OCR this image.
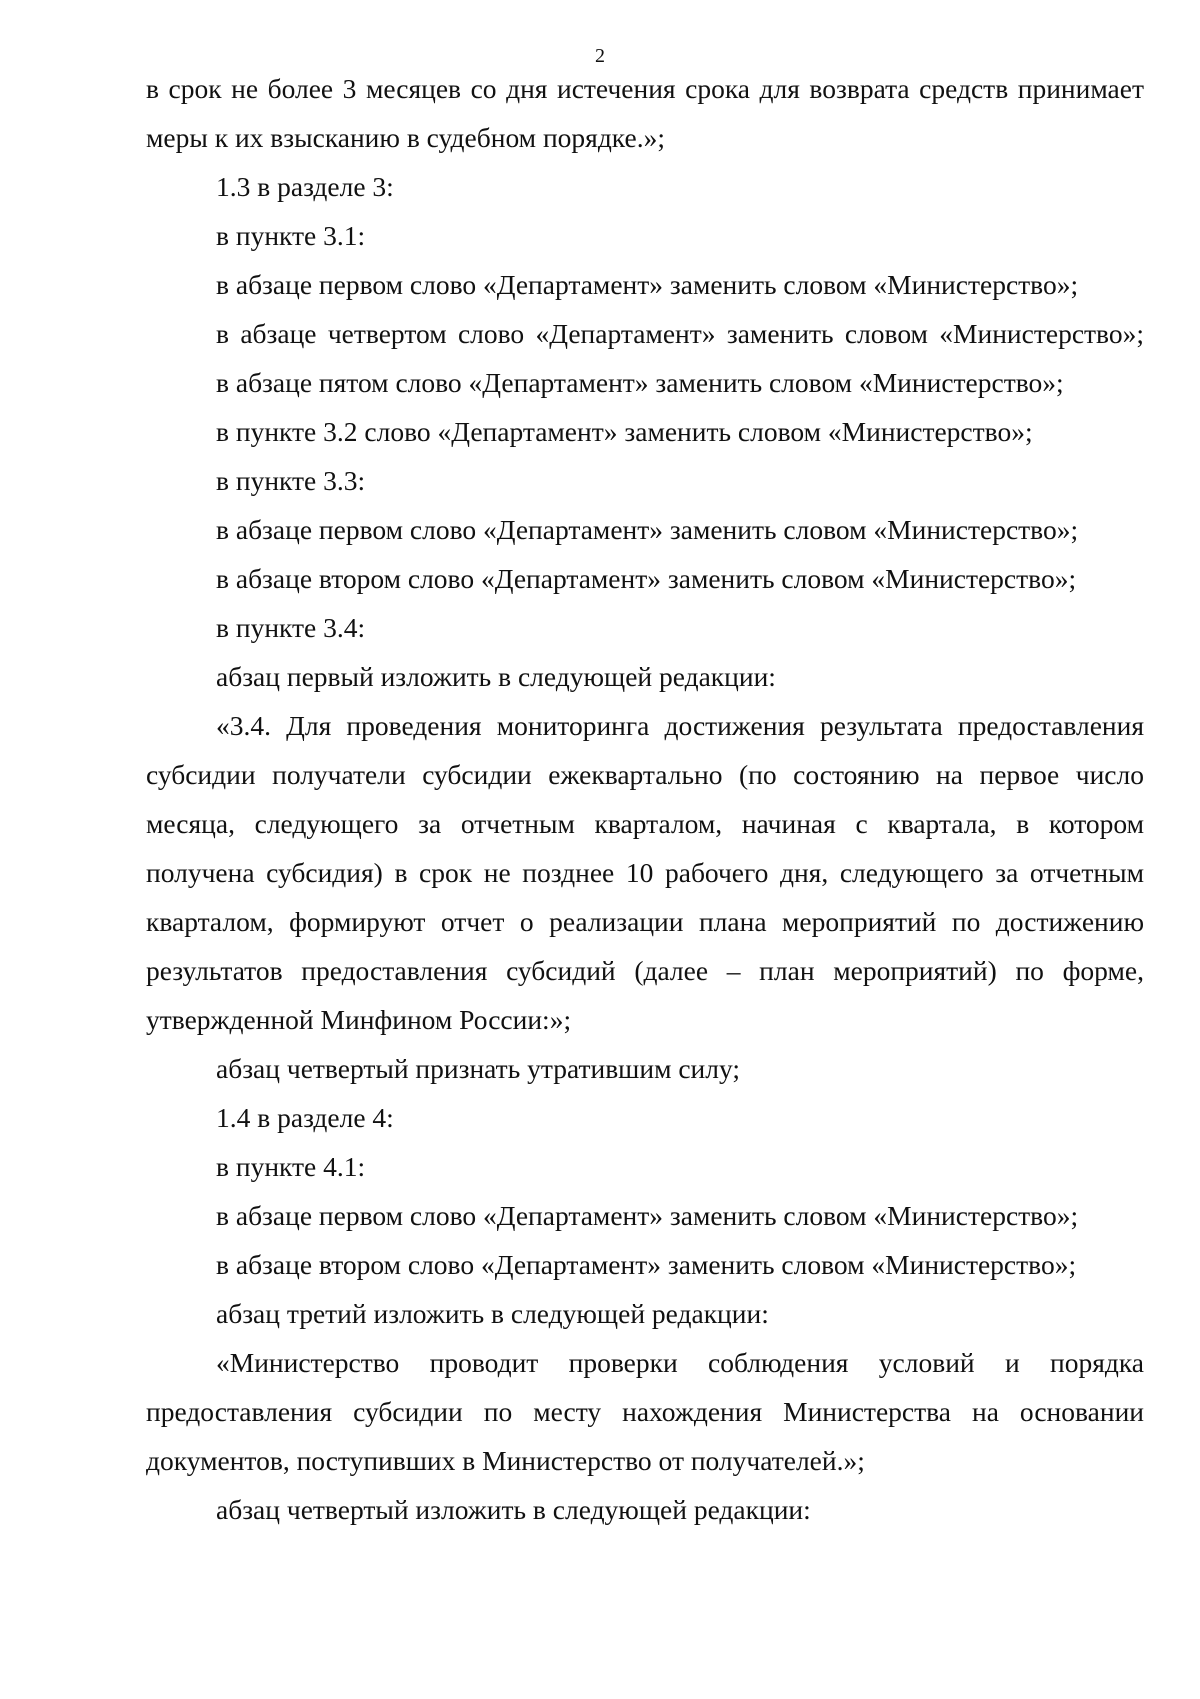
2

в срок не более 3 месяцев со дня истечения срока для возврата средств принимает меры к их взысканию в судебном порядке.»;

1.3 в разделе 3:

в пункте 3.1:

в абзаце первом слово «Департамент» заменить словом «Министерство»;

в абзаце четвертом слово «Департамент» заменить словом «Министерство»;

в абзаце пятом слово «Департамент» заменить словом «Министерство»;

в пункте 3.2 слово «Департамент» заменить словом «Министерство»;

в пункте 3.3:

в абзаце первом слово «Департамент» заменить словом «Министерство»;

в абзаце втором слово «Департамент» заменить словом «Министерство»;

в пункте 3.4:

абзац первый изложить в следующей редакции:

«3.4. Для проведения мониторинга достижения результата предоставления субсидии получатели субсидии ежеквартально (по состоянию на первое число месяца, следующего за отчетным кварталом, начиная с квартала, в котором получена субсидия) в срок не позднее 10 рабочего дня, следующего за отчетным кварталом, формируют отчет о реализации плана мероприятий по достижению результатов предоставления субсидий (далее – план мероприятий) по форме, утвержденной Минфином России:»;

абзац четвертый признать утратившим силу;

1.4 в разделе 4:

в пункте 4.1:

в абзаце первом слово «Департамент» заменить словом «Министерство»;

в абзаце втором слово «Департамент» заменить словом «Министерство»;

абзац третий изложить в следующей редакции:

«Министерство проводит проверки соблюдения условий и порядка предоставления субсидии по месту нахождения Министерства на основании документов, поступивших в Министерство от получателей.»;

абзац четвертый изложить в следующей редакции:
